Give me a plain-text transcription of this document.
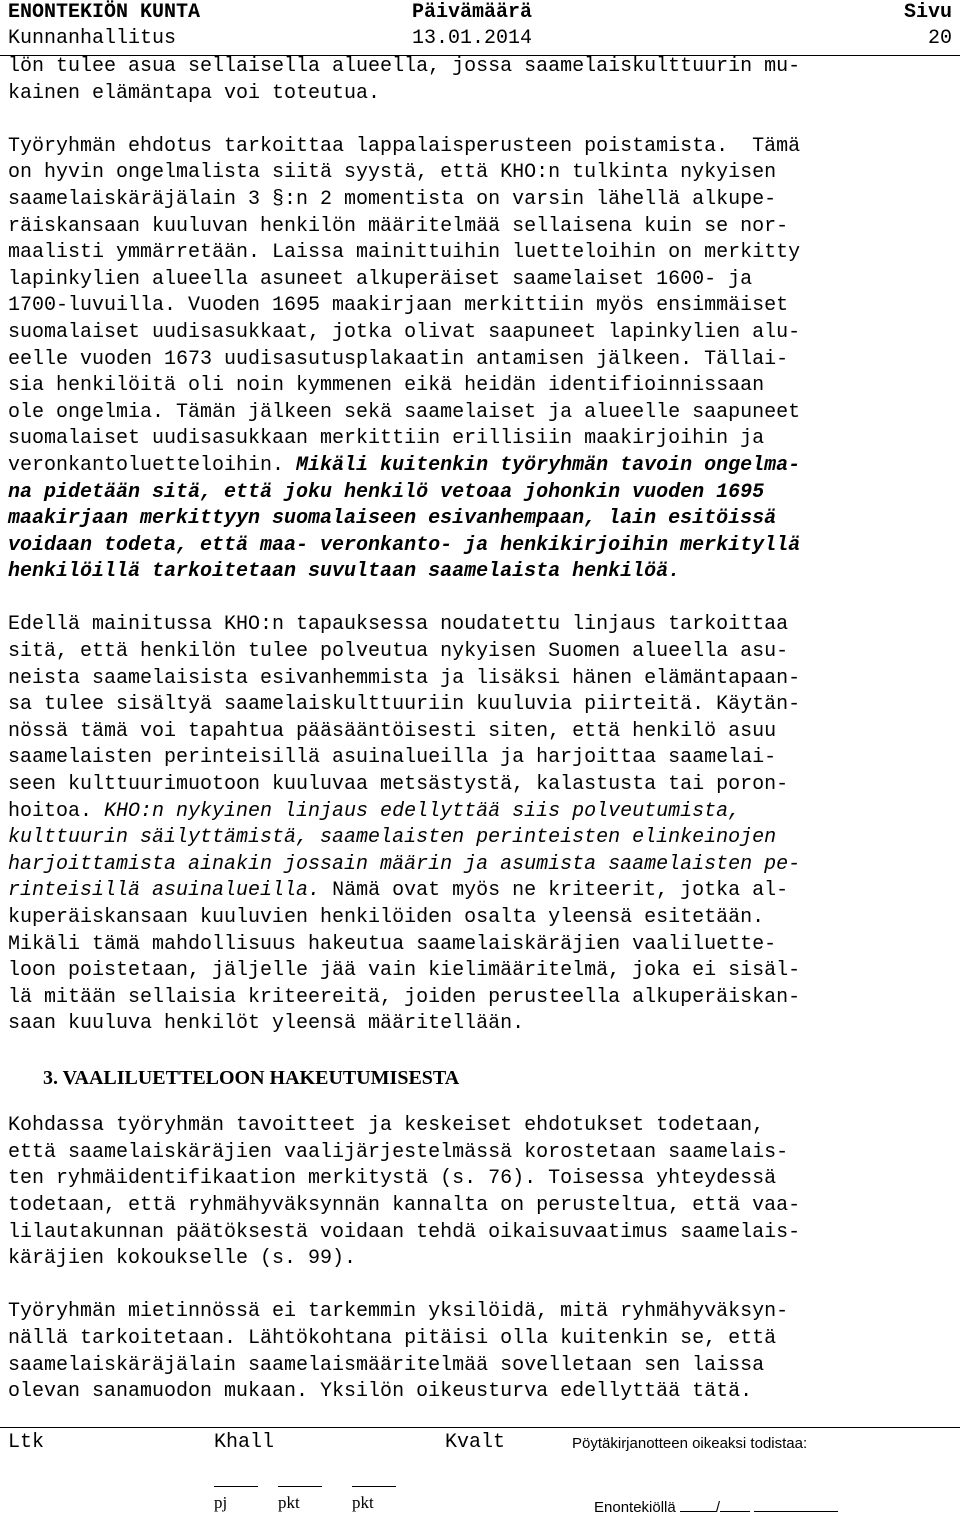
ENONTEKIÖN KUNTA	Päivämäärä	Sivu
Kunnanhallitus	13.01.2014	20
lön tulee asua sellaisella alueella, jossa saamelaiskulttuurin mu-
kainen elämäntapa voi toteutua.
Työryhmän ehdotus tarkoittaa lappalaisperusteen poistamista.  Tämä
on hyvin ongelmalista siitä syystä, että KHO:n tulkinta nykyisen
saamelaiskäräjälain 3 §:n 2 momentista on varsin lähellä alkupe-
räiskansaan kuuluvan henkilön määritelmää sellaisena kuin se nor-
maalisti ymmärretään. Laissa mainittuihin luetteloihin on merkitty
lapinkylien alueella asuneet alkuperäiset saamelaiset 1600- ja
1700-luvuilla. Vuoden 1695 maakirjaan merkittiin myös ensimmäiset
suomalaiset uudisasukkaat, jotka olivat saapuneet lapinkylien alu-
eelle vuoden 1673 uudisasutusplakaatin antamisen jälkeen. Tällai-
sia henkilöitä oli noin kymmenen eikä heidän identifioinnissaan
ole ongelmia. Tämän jälkeen sekä saamelaiset ja alueelle saapuneet
suomalaiset uudisasukkaan merkittiin erillisiin maakirjoihin ja
veronkantoluetteloihin. Mikäli kuitenkin työryhmän tavoin ongelma-
na pidetään sitä, että joku henkilö vetoaa johonkin vuoden 1695
maakirjaan merkittyyn suomalaiseen esivanhempaan, lain esitöissä
voidaan todeta, että maa- veronkanto- ja henkikirjoihin merkityllä
henkilöillä tarkoitetaan suvultaan saamelaista henkilöä.
Edellä mainitussa KHO:n tapauksessa noudatettu linjaus tarkoittaa
sitä, että henkilön tulee polveutua nykyisen Suomen alueella asu-
neista saamelaisista esivanhemmista ja lisäksi hänen elämäntapaan-
sa tulee sisältyä saamelaiskulttuuriin kuuluvia piirteitä. Käytän-
nössä tämä voi tapahtua pääsääntöisesti siten, että henkilö asuu
saamelaisten perinteisillä asuinalueilla ja harjoittaa saamelai-
seen kulttuurimuotoon kuuluvaa metsästystä, kalastusta tai poron-
hoitoa. KHO:n nykyinen linjaus edellyttää siis polveutumista,
kulttuurin säilyttämistä, saamelaisten perinteisten elinkeinojen
harjoittamista ainakin jossain määrin ja asumista saamelaisten pe-
rinteisillä asuinalueilla. Nämä ovat myös ne kriteerit, jotka al-
kuperäiskansaan kuuluvien henkilöiden osalta yleensä esitetään.
Mikäli tämä mahdollisuus hakeutua saamelaiskäräjien vaaliluette-
loon poistetaan, jäljelle jää vain kielimääritelmä, joka ei sisäl-
lä mitään sellaisia kriteereitä, joiden perusteella alkuperäiskan-
saan kuuluva henkilöt yleensä määritellään.
3. VAALILUETTELOON HAKEUTUMISESTA
Kohdassa työryhmän tavoitteet ja keskeiset ehdotukset todetaan,
että saamelaiskäräjien vaalijärjestelmässä korostetaan saamelais-
ten ryhmäidentifikaation merkitystä (s. 76). Toisessa yhteydessä
todetaan, että ryhmähyväksynnän kannalta on perusteltua, että vaa-
lilautakunnan päätöksestä voidaan tehdä oikaisuvaatimus saamelais-
käräjien kokoukselle (s. 99).
Työryhmän mietinnössä ei tarkemmin yksilöidä, mitä ryhmähyväksyn-
nällä tarkoitetaan. Lähtökohtana pitäisi olla kuitenkin se, että
saamelaiskäräjälain saamelaismääritelmää sovelletaan sen laissa
olevan sanamuodon mukaan. Yksilön oikeusturva edellyttää tätä.
Ltk	Khall	Kvalt	Pöytäkirjanotteen oikeaksi todistaa:
pj	pkt	pkt	Enontekiöllä	/
